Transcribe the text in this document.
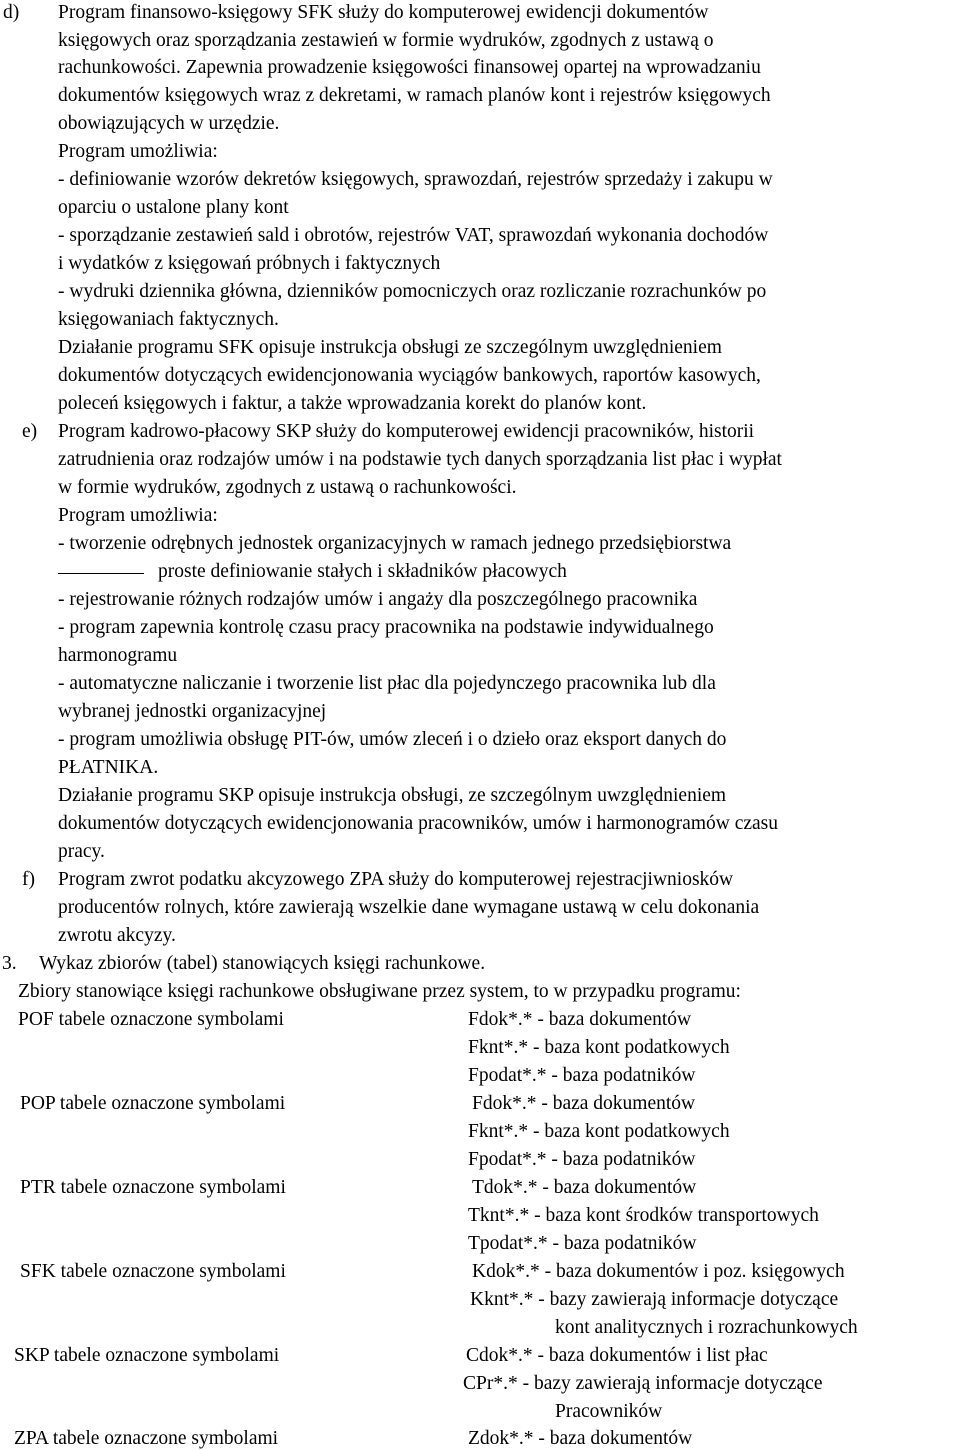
d) Program finansowo-księgowy SFK służy do komputerowej ewidencji dokumentów
księgowych oraz sporządzania zestawień w formie wydruków, zgodnych z ustawą o
rachunkowości. Zapewnia prowadzenie księgowości finansowej opartej na wprowadzaniu
dokumentów księgowych wraz z dekretami, w ramach planów kont i rejestrów księgowych
obowiązujących w urzędzie.
Program umożliwia:
- definiowanie wzorów dekretów księgowych, sprawozdań, rejestrów sprzedaży i zakupu w
oparciu o ustalone plany kont
- sporządzanie zestawień sald i obrotów, rejestrów VAT, sprawozdań wykonania dochodów
i wydatków z księgowań próbnych i faktycznych
- wydruki dziennika główna, dzienników pomocniczych oraz rozliczanie rozrachunków po
księgowaniach faktycznych.
Działanie programu SFK opisuje instrukcja obsługi ze szczególnym uwzględnieniem
dokumentów dotyczących ewidencjonowania wyciągów bankowych, raportów kasowych,
poleceń księgowych i faktur, a także wprowadzania korekt do planów kont.
e) Program kadrowo-płacowy SKP służy do komputerowej ewidencji pracowników, historii
zatrudnienia oraz rodzajów umów i na podstawie tych danych sporządzania list płac i wypłat
w formie wydruków, zgodnych z ustawą o rachunkowości.
Program umożliwia:
- tworzenie odrębnych jednostek organizacyjnych w ramach jednego przedsiębiorstwa
proste definiowanie stałych i składników płacowych
- rejestrowanie różnych rodzajów umów i angaży dla poszczególnego pracownika
- program zapewnia kontrolę czasu pracy pracownika na podstawie indywidualnego
harmonogramu
- automatyczne naliczanie i tworzenie list płac dla pojedynczego pracownika lub dla
wybranej jednostki organizacyjnej
- program umożliwia obsługę PIT-ów, umów zleceń i o dzieło oraz eksport danych do
PŁATNIKA.
Działanie programu SKP opisuje instrukcja obsługi, ze szczególnym uwzględnieniem
dokumentów dotyczących ewidencjonowania pracowników, umów i harmonogramów czasu
pracy.
f) Program zwrot podatku akcyzowego ZPA służy do komputerowej rejestracjiwniosków
producentów rolnych, które zawierają wszelkie dane wymagane ustawą w celu dokonania
zwrotu akcyzy.
3. Wykaz zbiorów (tabel) stanowiących księgi rachunkowe.
Zbiory stanowiące księgi rachunkowe obsługiwane przez system, to w przypadku programu:
POF tabele oznaczone symbolami	Fdok*.* - baza dokumentów
Fknt*.* - baza kont podatkowych
Fpodat*.* - baza podatników
POP tabele oznaczone symbolami	Fdok*.* - baza dokumentów
Fknt*.* - baza kont podatkowych
Fpodat*.* - baza podatników
PTR tabele oznaczone symbolami	Tdok*.* - baza dokumentów
Tknt*.* - baza kont środków transportowych
Tpodat*.* - baza podatników
SFK tabele oznaczone symbolami	Kdok*.* - baza dokumentów i poz. księgowych
Kknt*.* - bazy zawierają informacje dotyczące
kont analitycznych i rozrachunkowych
SKP tabele oznaczone symbolami	Cdok*.* - baza dokumentów i list płac
CPr*.* - bazy zawierają informacje dotyczące
Pracowników
ZPA tabele oznaczone symbolami	Zdok*.* - baza dokumentów
